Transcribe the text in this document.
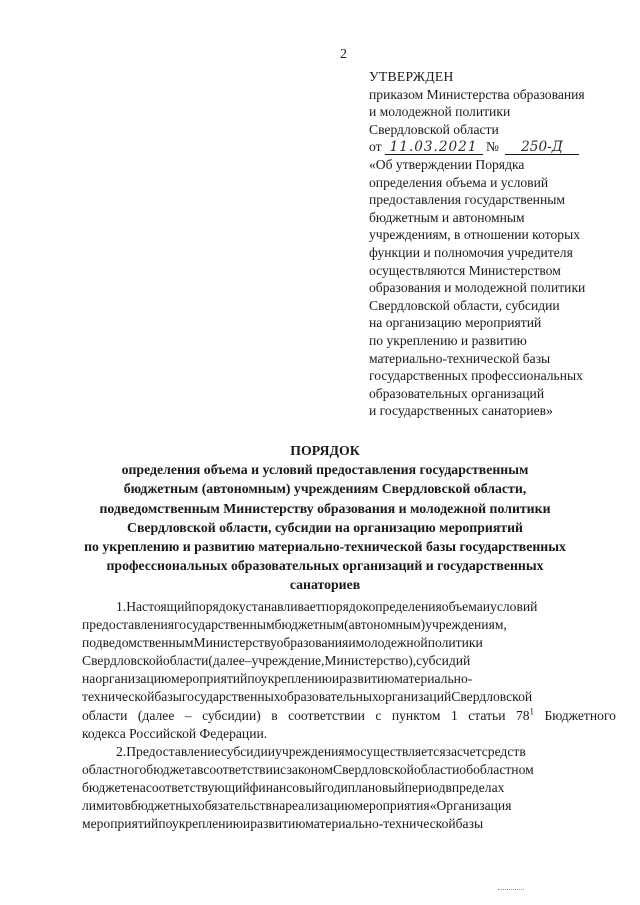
2
УТВЕРЖДЕН
приказом Министерства образования
и молодежной политики
Свердловской области
от 11.03.2021 № 250-Д
«Об утверждении Порядка
определения объема и условий
предоставления государственным
бюджетным и автономным
учреждениям, в отношении которых
функции и полномочия учредителя
осуществляются Министерством
образования и молодежной политики
Свердловской области, субсидии
на организацию мероприятий
по укреплению и развитию
материально-технической базы
государственных профессиональных
образовательных организаций
и государственных санаториев»
ПОРЯДОК
определения объема и условий предоставления государственным
бюджетным (автономным) учреждениям Свердловской области,
подведомственным Министерству образования и молодежной политики
Свердловской области, субсидии на организацию мероприятий
по укреплению и развитию материально-технической базы государственных
профессиональных образовательных организаций и государственных
санаториев
1.Настоящийпорядокустанавливаетпорядокопределенияобъемаиусловий
предоставлениягосударственнымбюджетным(автономным)учреждениям,
подведомственнымМинистерствуобразованияимолодежнойполитики
Свердловскойобласти(далее–учреждение,Министерство),субсидий
наорганизациюмероприятийпоукреплениюиразвитиюматериально-
техническойбазыгосударственныхобразовательныхорганизацийСвердловской
области (далее – субсидии) в соответствии с пунктом 1 статьи $78^1$ Бюджетного
кодекса Российской Федерации.
2.Предоставлениесубсидииучреждениямосуществляетсязасчетсредств
областногобюджетавсоответствиисзакономСвердловскойобластиобобластном
бюджетенасоответствующийфинансовыйгодиплановыйпериодвпределах
лимитовбюджетныхобязательствнареализациюмероприятия«Организация
мероприятийпоукреплениюиразвитиюматериально-техническойбазы
